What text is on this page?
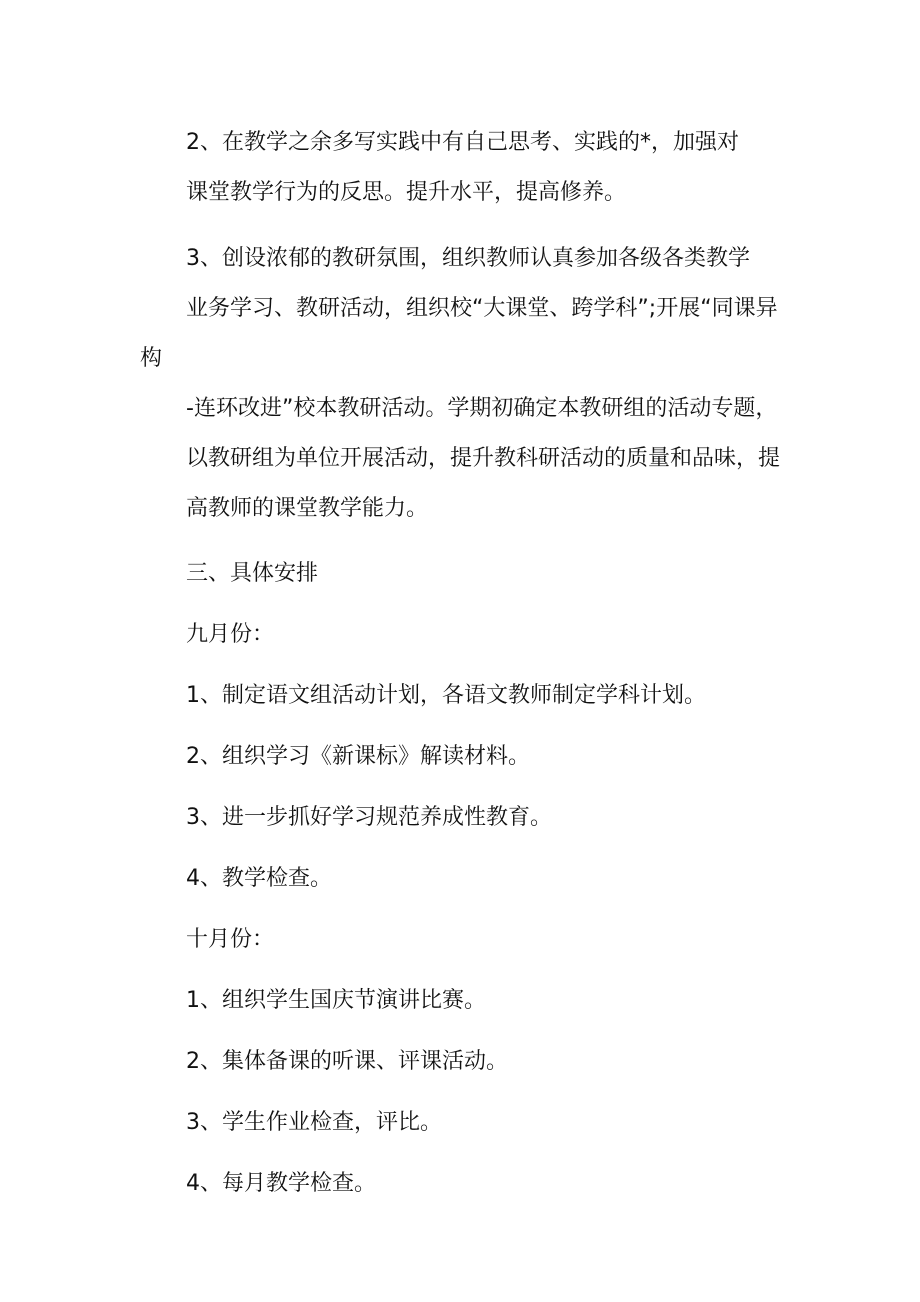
2、在教学之余多写实践中有自己思考、实践的*，加强对
课堂教学行为的反思。提升水平，提高修养。

3、创设浓郁的教研氛围，组织教师认真参加各级各类教学
业务学习、教研活动，组织校“大课堂、跨学科”;开展“同课异构
-连环改进”校本教研活动。学期初确定本教研组的活动专题，
以教研组为单位开展活动，提升教科研活动的质量和品味，提
高教师的课堂教学能力。

三、具体安排

九月份：

1、制定语文组活动计划，各语文教师制定学科计划。

2、组织学习《新课标》解读材料。

3、进一步抓好学习规范养成性教育。

4、教学检查。

十月份：

1、组织学生国庆节演讲比赛。

2、集体备课的听课、评课活动。

3、学生作业检查，评比。

4、每月教学检查。
